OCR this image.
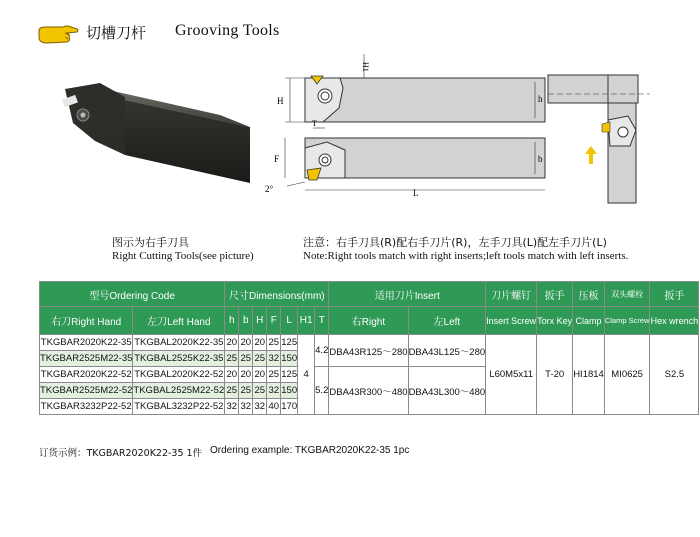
切槽刀杆 Grooving Tools
H
H1
h
T
F	b
L
2°
图示为右手刀具
Right Cutting Tools(see picture)
注意：右手刀具(R)配右手刀片(R)，左手刀具(L)配左手刀片(L)
Note:Right tools match with right inserts;left tools match with left inserts.
型号Ordering Code		尺寸Dimensions(mm)							适用刀片Insert		刀片螺钉	扳手	压板	双头螺栓	扳手
右刀Right Hand	左刀Left Hand	h	b	H	F	L	H1	T	右Right	左Left	Insert Screw	Torx Key	Clamp	Clamp Screw	Hex wrench
TKGBAR2020K22-35	TKGBAL2020K22-35	20	20	20	25	125	4	4.2	DBA43R125～280	DBA43L125～280	L60M5x11	T-20	HI1814	MI0625	S2.5
TKGBAR2525M22-35	TKGBAL2525K22-35	25	25	25	32	150									
TKGBAR2020K22-52	TKGBAL2020K22-52	20	20	20	25	125		5.2	DBA43R300～480	DBA43L300～480					
TKGBAR2525M22-52	TKGBAL2525M22-52	25	25	25	32	150									
TKGBAR3232P22-52	TKGBAL3232P22-52	32	32	32	40	170									
订货示例：TKGBAR2020K22-35 1件 Ordering example: TKGBAR2020K22-35 1pc
